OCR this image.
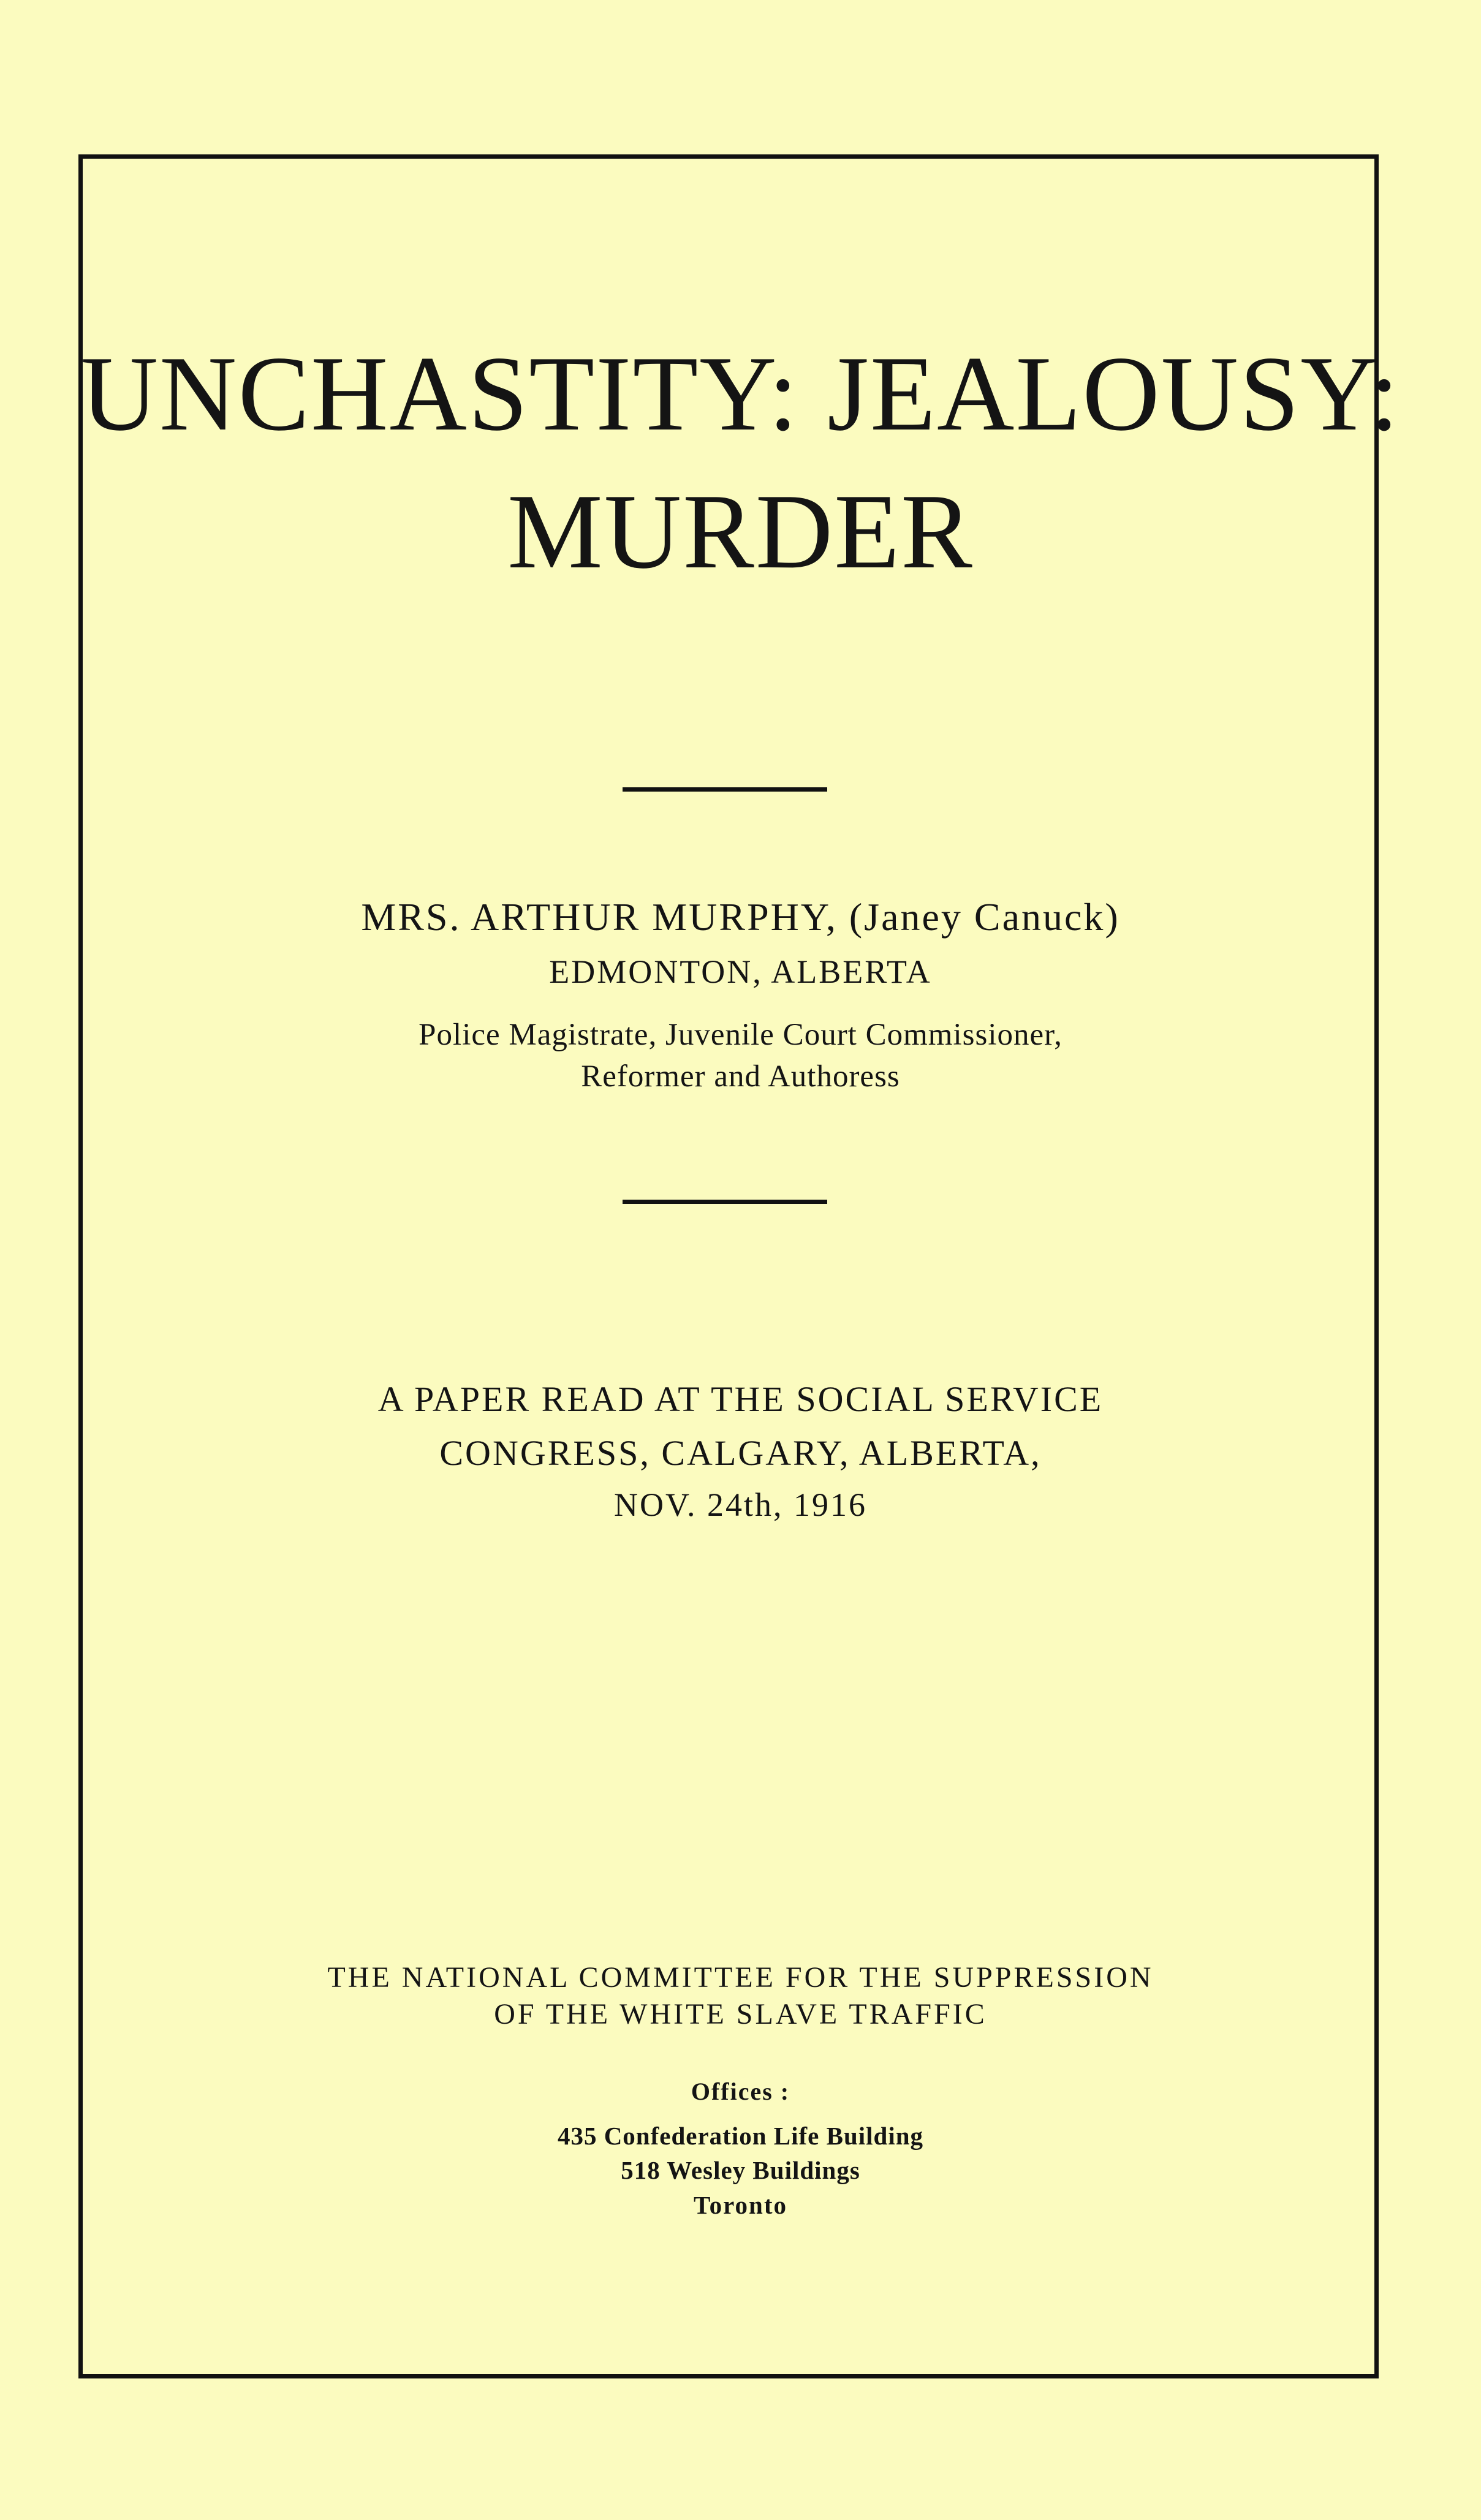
UNCHASTITY: JEALOUSY:
MURDER

MRS. ARTHUR MURPHY, (Janey Canuck)

EDMONTON, ALBERTA

Police Magistrate, Juvenile Court Commissioner,

Reformer and Authoress

A PAPER READ AT THE SOCIAL SERVICE

CONGRESS, CALGARY, ALBERTA,

NOV. 24th, 1916

THE NATIONAL COMMITTEE FOR THE SUPPRESSION

OF THE WHITE SLAVE TRAFFIC

Offices :

435 Confederation Life Building

518 Wesley Buildings

Toronto
